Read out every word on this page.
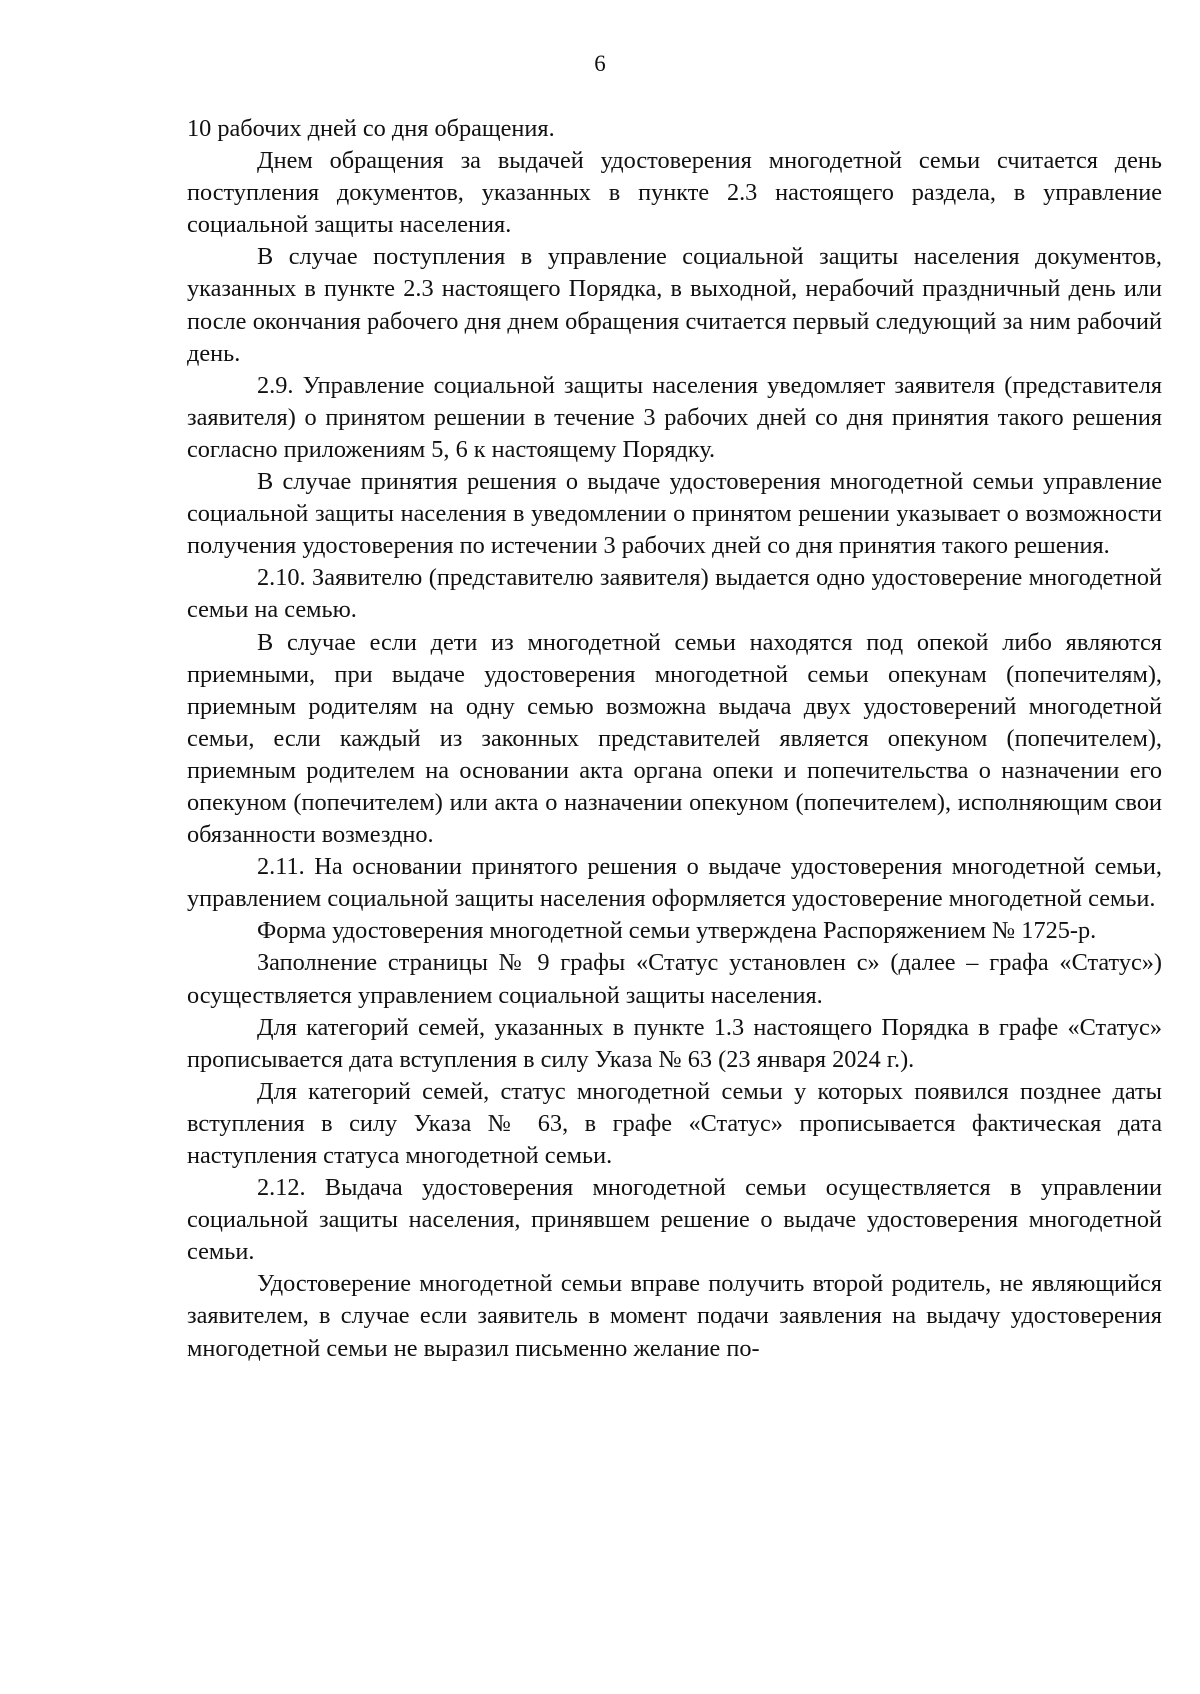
6

10 рабочих дней со дня обращения.

Днем обращения за выдачей удостоверения многодетной семьи считается день поступления документов, указанных в пункте 2.3 настоящего раздела, в управление социальной защиты населения.

В случае поступления в управление социальной защиты населения документов, указанных в пункте 2.3 настоящего Порядка, в выходной, нерабочий праздничный день или после окончания рабочего дня днем обращения считается первый следующий за ним рабочий день.

2.9. Управление социальной защиты населения уведомляет заявителя (представителя заявителя) о принятом решении в течение 3 рабочих дней со дня принятия такого решения согласно приложениям 5, 6 к настоящему Порядку.

В случае принятия решения о выдаче удостоверения многодетной семьи управление социальной защиты населения в уведомлении о принятом решении указывает о возможности получения удостоверения по истечении 3 рабочих дней со дня принятия такого решения.

2.10. Заявителю (представителю заявителя) выдается одно удостоверение многодетной семьи на семью.

В случае если дети из многодетной семьи находятся под опекой либо являются приемными, при выдаче удостоверения многодетной семьи опекунам (попечителям), приемным родителям на одну семью возможна выдача двух удостоверений многодетной семьи, если каждый из законных представителей является опекуном (попечителем), приемным родителем на основании акта органа опеки и попечительства о назначении его опекуном (попечителем) или акта о назначении опекуном (попечителем), исполняющим свои обязанности возмездно.

2.11. На основании принятого решения о выдаче удостоверения многодетной семьи, управлением социальной защиты населения оформляется удостоверение многодетной семьи.

Форма удостоверения многодетной семьи утверждена Распоряжением № 1725-р.

Заполнение страницы № 9 графы «Статус установлен с» (далее – графа «Статус») осуществляется управлением социальной защиты населения.

Для категорий семей, указанных в пункте 1.3 настоящего Порядка в графе «Статус» прописывается дата вступления в силу Указа № 63 (23 января 2024 г.).

Для категорий семей, статус многодетной семьи у которых появился позднее даты вступления в силу Указа № 63, в графе «Статус» прописывается фактическая дата наступления статуса многодетной семьи.

2.12. Выдача удостоверения многодетной семьи осуществляется в управлении социальной защиты населения, принявшем решение о выдаче удостоверения многодетной семьи.

Удостоверение многодетной семьи вправе получить второй родитель, не являющийся заявителем, в случае если заявитель в момент подачи заявления на выдачу удостоверения многодетной семьи не выразил письменно желание по-
